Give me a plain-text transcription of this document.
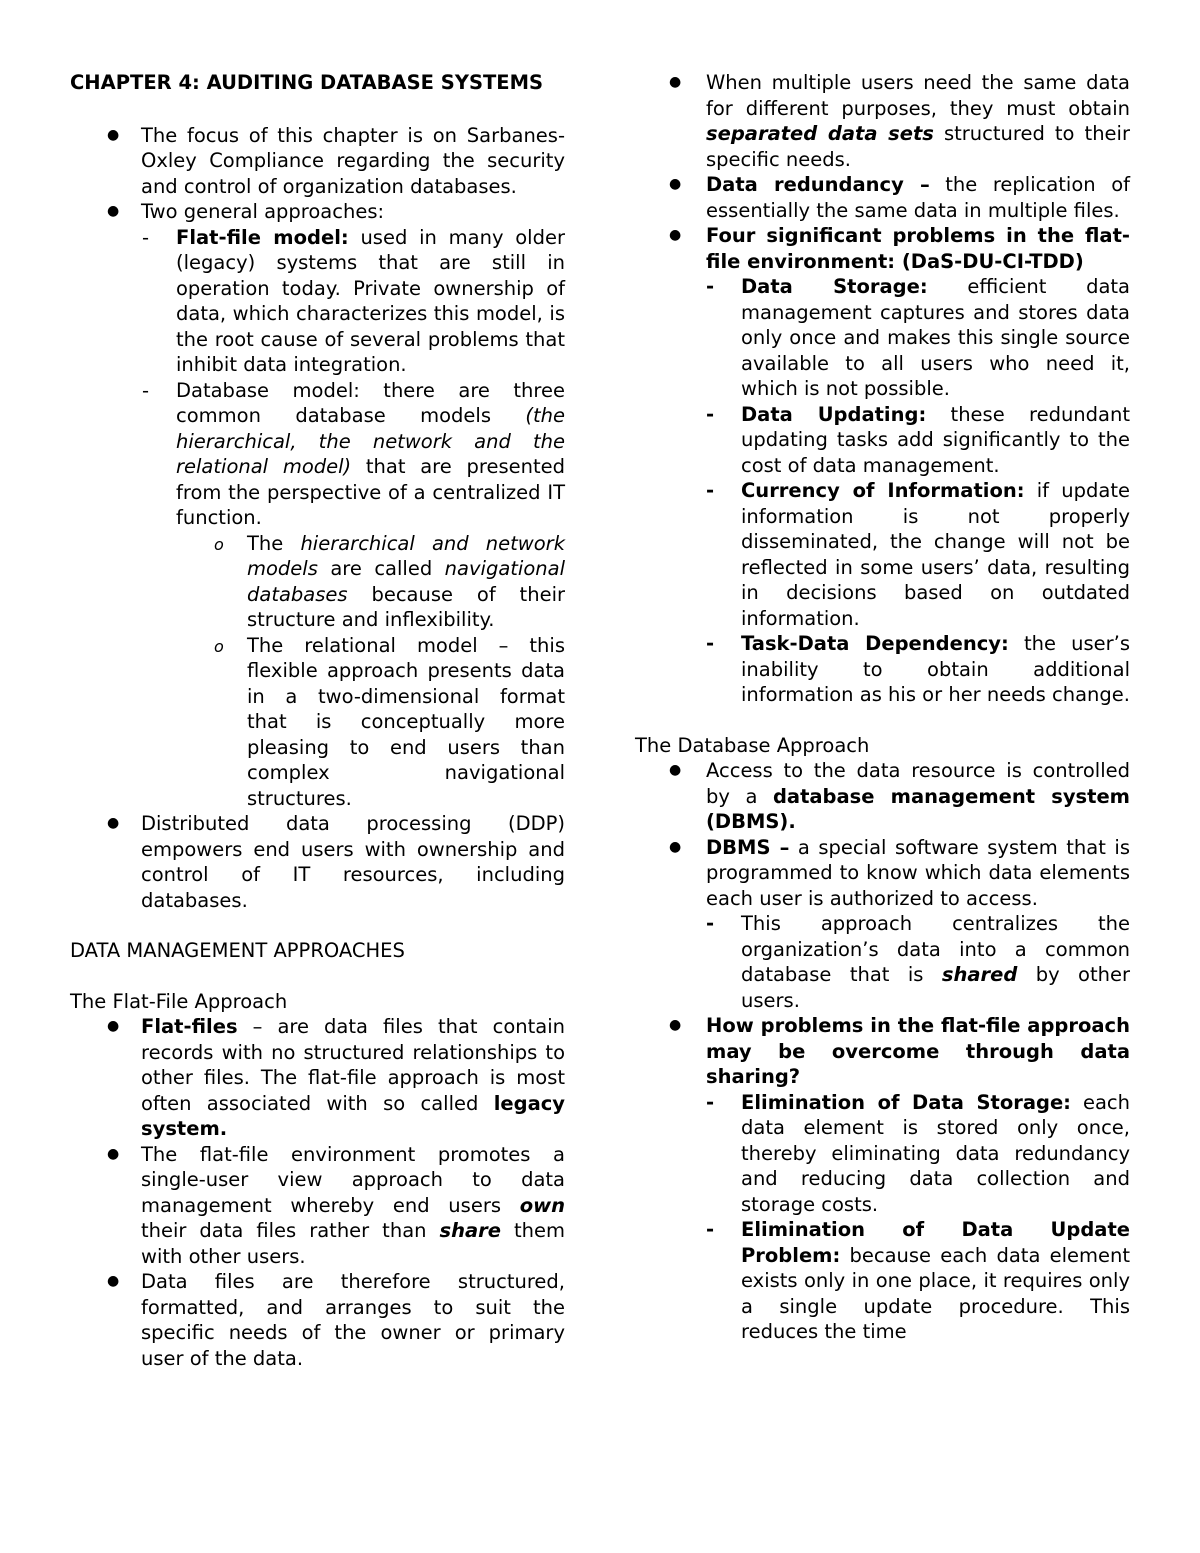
CHAPTER 4: AUDITING DATABASE SYSTEMS
● The focus of this chapter is on Sarbanes-Oxley Compliance regarding the security and control of organization databases.
● Two general approaches:
- Flat-file model: used in many older (legacy) systems that are still in operation today. Private ownership of data, which characterizes this model, is the root cause of several problems that inhibit data integration.
- Database model: there are three common database models (the hierarchical, the network and the relational model) that are presented from the perspective of a centralized IT function.
o The hierarchical and network models are called navigational databases because of their structure and inflexibility.
o The relational model – this flexible approach presents data in a two-dimensional format that is conceptually more pleasing to end users than complex navigational structures.
● Distributed data processing (DDP) empowers end users with ownership and control of IT resources, including databases.
DATA MANAGEMENT APPROACHES
The Flat-File Approach
● Flat-files – are data files that contain records with no structured relationships to other files. The flat-file approach is most often associated with so called legacy system.
● The flat-file environment promotes a single-user view approach to data management whereby end users own their data files rather than share them with other users.
● Data files are therefore structured, formatted, and arranges to suit the specific needs of the owner or primary user of the data.
● When multiple users need the same data for different purposes, they must obtain separated data sets structured to their specific needs.
● Data redundancy – the replication of essentially the same data in multiple files.
● Four significant problems in the flat-file environment: (DaS-DU-CI-TDD)
- Data Storage: efficient data management captures and stores data only once and makes this single source available to all users who need it, which is not possible.
- Data Updating: these redundant updating tasks add significantly to the cost of data management.
- Currency of Information: if update information is not properly disseminated, the change will not be reflected in some users’ data, resulting in decisions based on outdated information.
- Task-Data Dependency: the user’s inability to obtain additional information as his or her needs change.
The Database Approach
● Access to the data resource is controlled by a database management system (DBMS).
● DBMS – a special software system that is programmed to know which data elements each user is authorized to access.
- This approach centralizes the organization’s data into a common database that is shared by other users.
● How problems in the flat-file approach may be overcome through data sharing?
- Elimination of Data Storage: each data element is stored only once, thereby eliminating data redundancy and reducing data collection and storage costs.
- Elimination of Data Update Problem: because each data element exists only in one place, it requires only a single update procedure. This reduces the time
